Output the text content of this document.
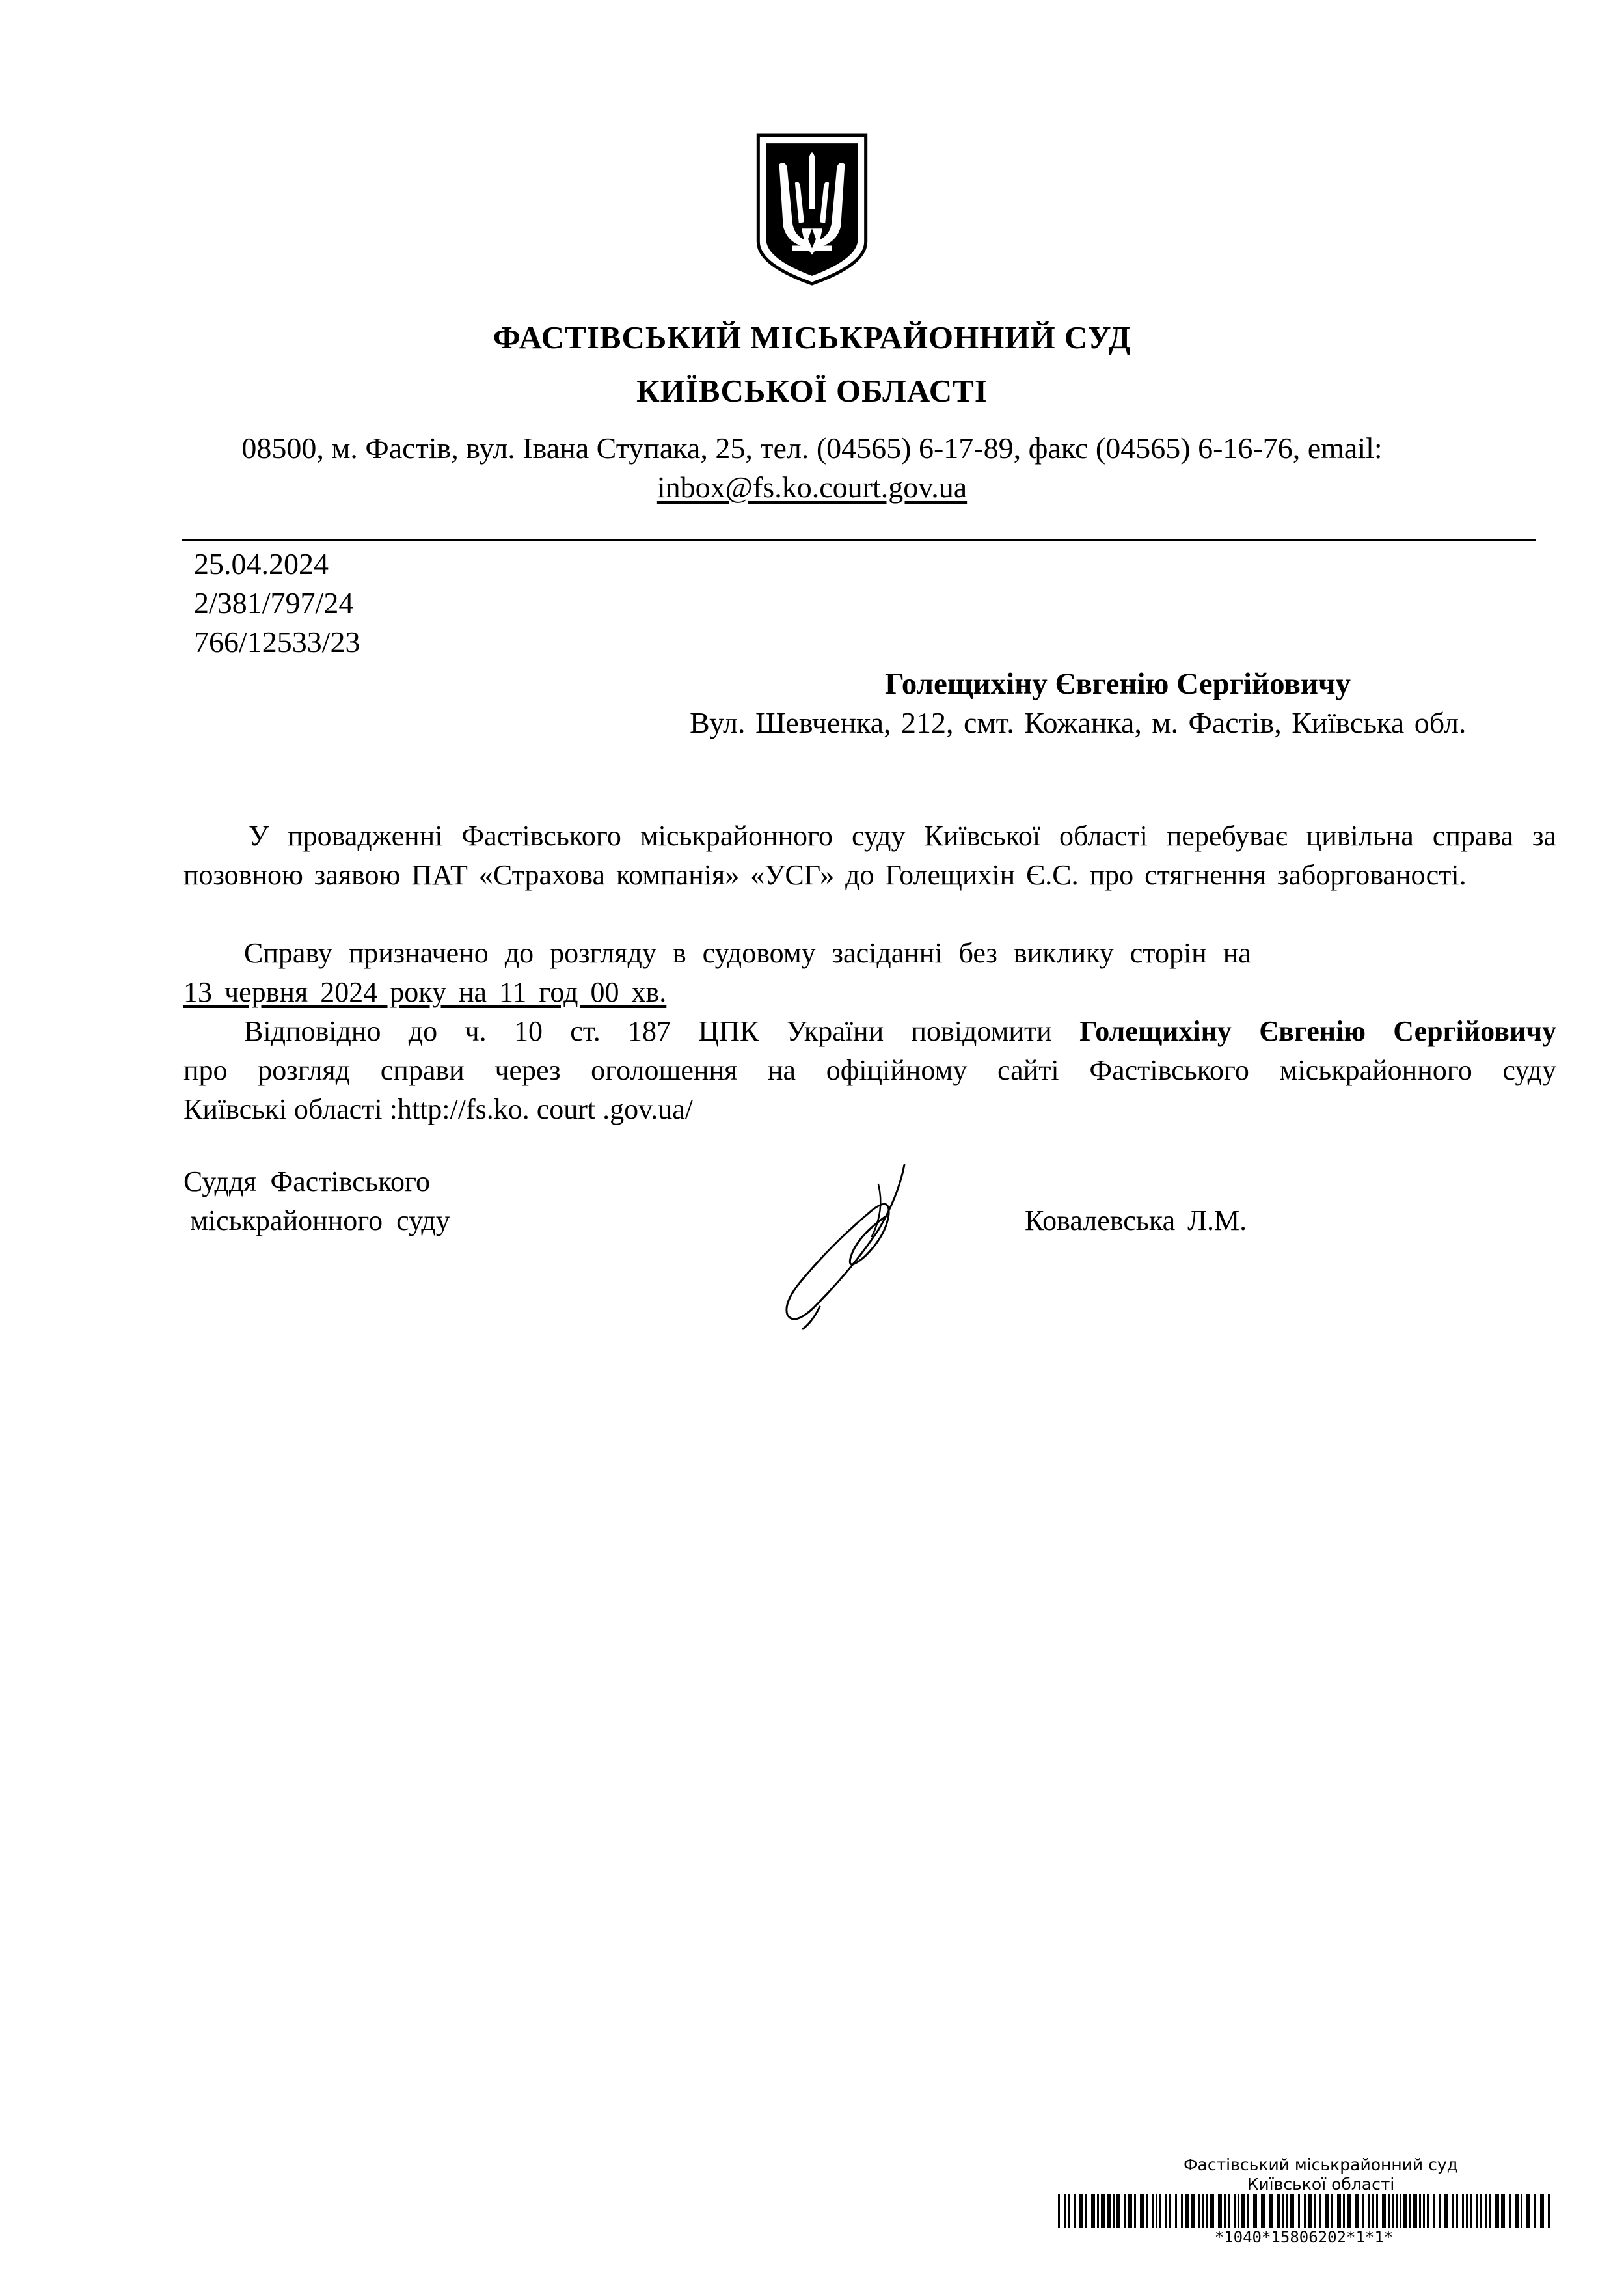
ФАСТІВСЬКИЙ МІСЬКРАЙОННИЙ СУД
КИЇВСЬКОЇ ОБЛАСТІ
08500, м. Фастів, вул. Івана Ступака, 25, тел. (04565) 6-17-89, факс (04565) 6-16-76, email:
inbox@fs.ko.court.gov.ua
25.04.2024
2/381/797/24
766/12533/23
Голещихіну Євгенію Сергійовичу
Вул. Шевченка, 212, смт. Кожанка, м. Фастів, Київська обл.
У провадженні Фастівського міськрайонного суду Київської області перебуває цивільна справа за позовною заявою ПАТ «Страхова компанія» «УСГ» до Голещихін Є.С. про стягнення заборгованості.
Справу призначено до розгляду в судовому засіданні без виклику сторін на
13 червня 2024 року на 11 год 00 хв.
Відповідно до ч. 10 ст. 187 ЦПК України повідомити Голещихіну Євгенію Сергійовичу
про розгляд справи через оголошення на офіційному сайті Фастівського міськрайонного суду
Київські області :http://fs.ko. court .gov.ua/
Суддя Фастівського
міськрайонного суду	Ковалевська Л.М.
Фастівський міськрайонний суд
Київської області
*1040*15806202*1*1*
